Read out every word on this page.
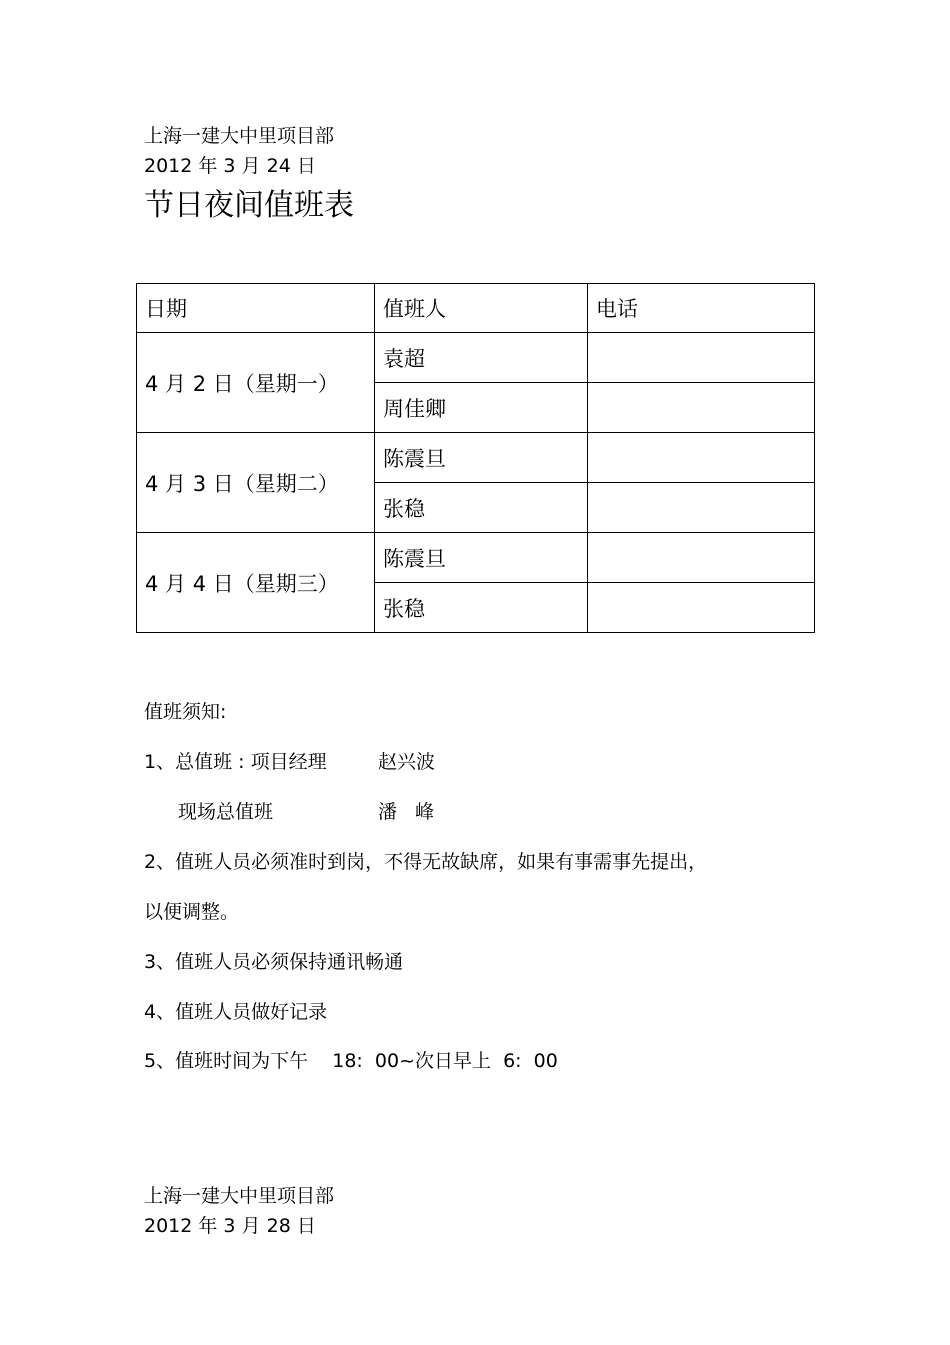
上海一建大中里项目部
2012 年 3 月 24 日
节日夜间值班表
日期	值班人	电话
4 月 2 日（星期一）	袁超	
	周佳卿	
4 月 3 日（星期二）	陈震旦	
	张稳	
4 月 4 日（星期三）	陈震旦	
	张稳	
值班须知:
1、总值班 : 项目经理	赵兴波
现场总值班	潘   峰
2、值班人员必须准时到岗，不得无故缺席，如果有事需事先提出，
以便调整。
3、值班人员必须保持通讯畅通
4、值班人员做好记录
5、值班时间为下午    18:  00~次日早上  6:  00
上海一建大中里项目部
2012 年 3 月 28 日
